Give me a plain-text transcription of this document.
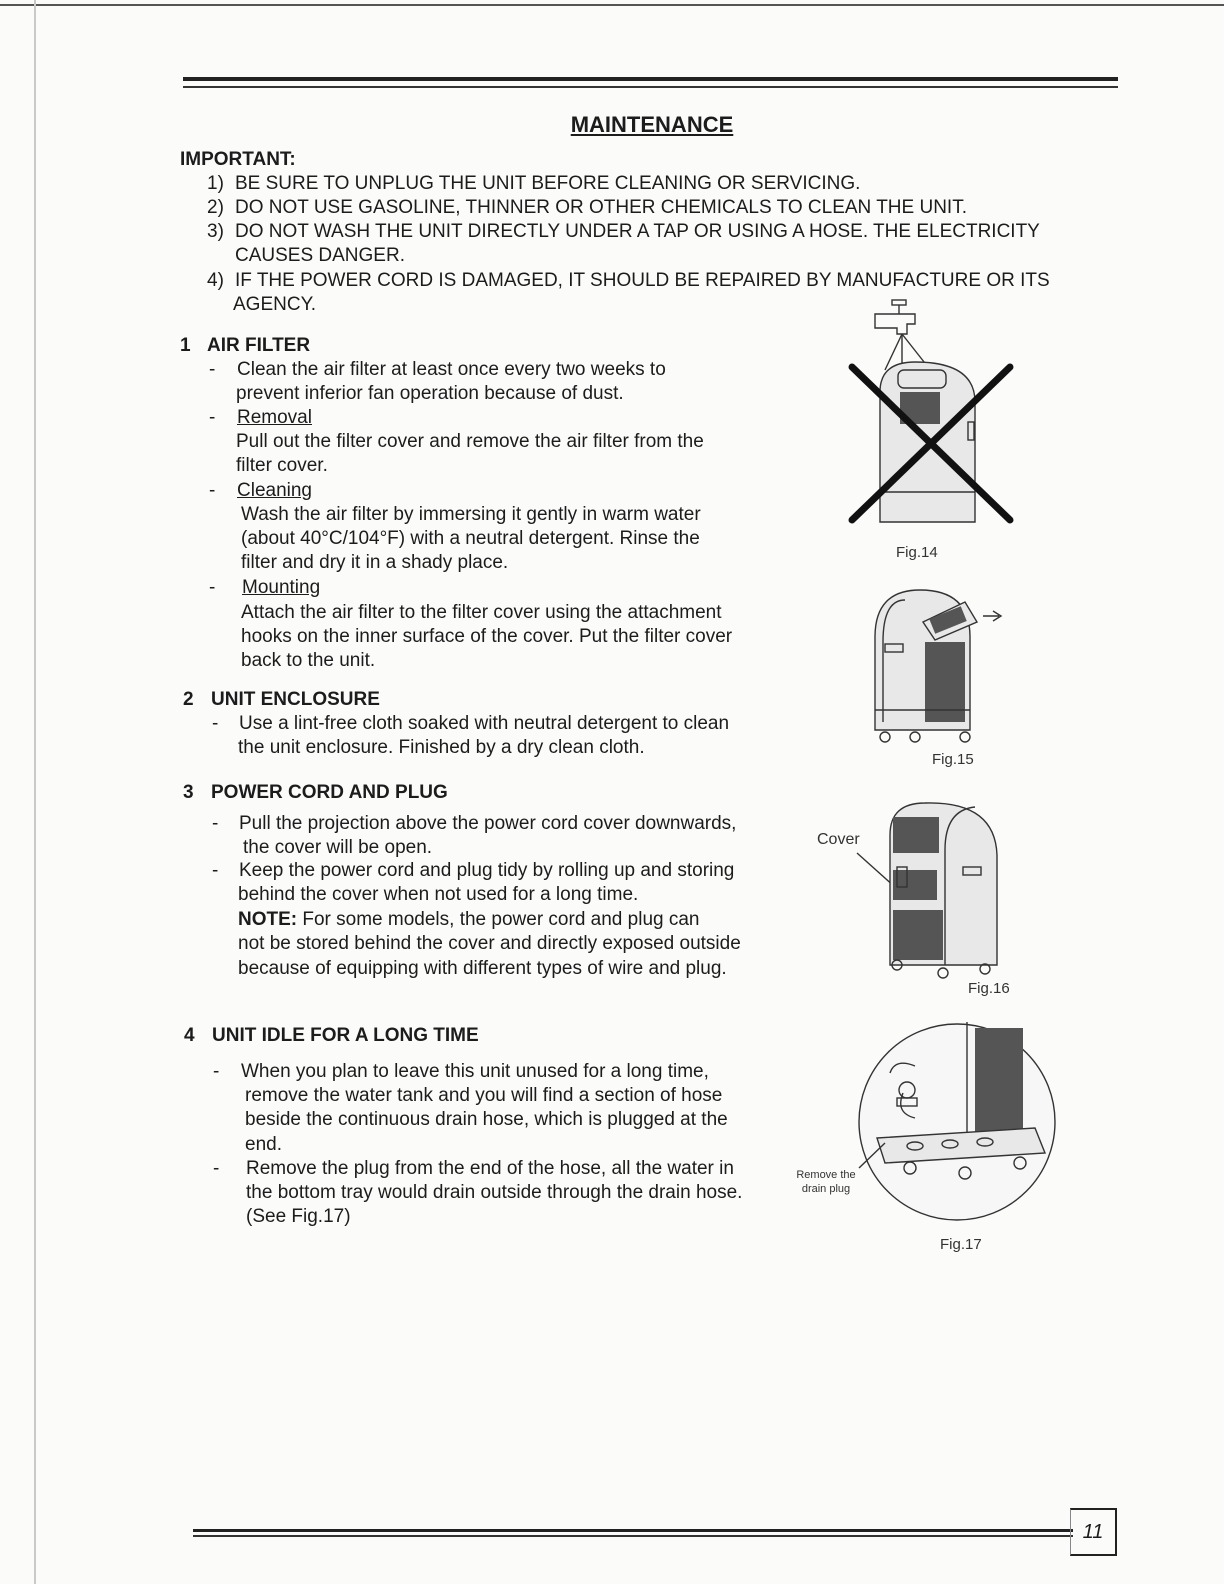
MAINTENANCE
IMPORTANT:
1) BE SURE TO UNPLUG THE UNIT BEFORE CLEANING OR SERVICING.
2) DO NOT USE GASOLINE, THINNER OR OTHER CHEMICALS TO CLEAN THE UNIT.
3) DO NOT WASH THE UNIT DIRECTLY UNDER A TAP OR USING A HOSE. THE ELECTRICITY
CAUSES DANGER.
4) IF THE POWER CORD IS DAMAGED, IT SHOULD BE REPAIRED BY MANUFACTURE OR ITS
AGENCY.
1 AIR FILTER
- Clean the air filter at least once every two weeks to
prevent inferior fan operation because of dust.
- Removal
Pull out the filter cover and remove the air filter from the
filter cover.
- Cleaning
Wash the air filter by immersing it gently in warm water
(about 40°C/104°F) with a neutral detergent. Rinse the
filter and dry it in a shady place.
- Mounting
Attach the air filter to the filter cover using the attachment
hooks on the inner surface of the cover. Put the filter cover
back to the unit.
2 UNIT ENCLOSURE
- Use a lint-free cloth soaked with neutral detergent to clean
the unit enclosure. Finished by a dry clean cloth.
3 POWER CORD AND PLUG
- Pull the projection above the power cord cover downwards,
the cover will be open.
- Keep the power cord and plug tidy by rolling up and storing
behind the cover when not used for a long time.
NOTE: For some models, the power cord and plug can
not be stored behind the cover and directly exposed outside
because of equipping with different types of wire and plug.
4 UNIT IDLE FOR A LONG TIME
- When you plan to leave this unit unused for a long time,
remove the water tank and you will find a section of hose
beside the continuous drain hose, which is plugged at the
end.
- Remove the plug from the end of the hose, all the water in
the bottom tray would drain outside through the drain hose.
(See Fig.17)
Fig.14
Fig.15
Cover
Fig.16
Remove the
drain plug
Fig.17
11
